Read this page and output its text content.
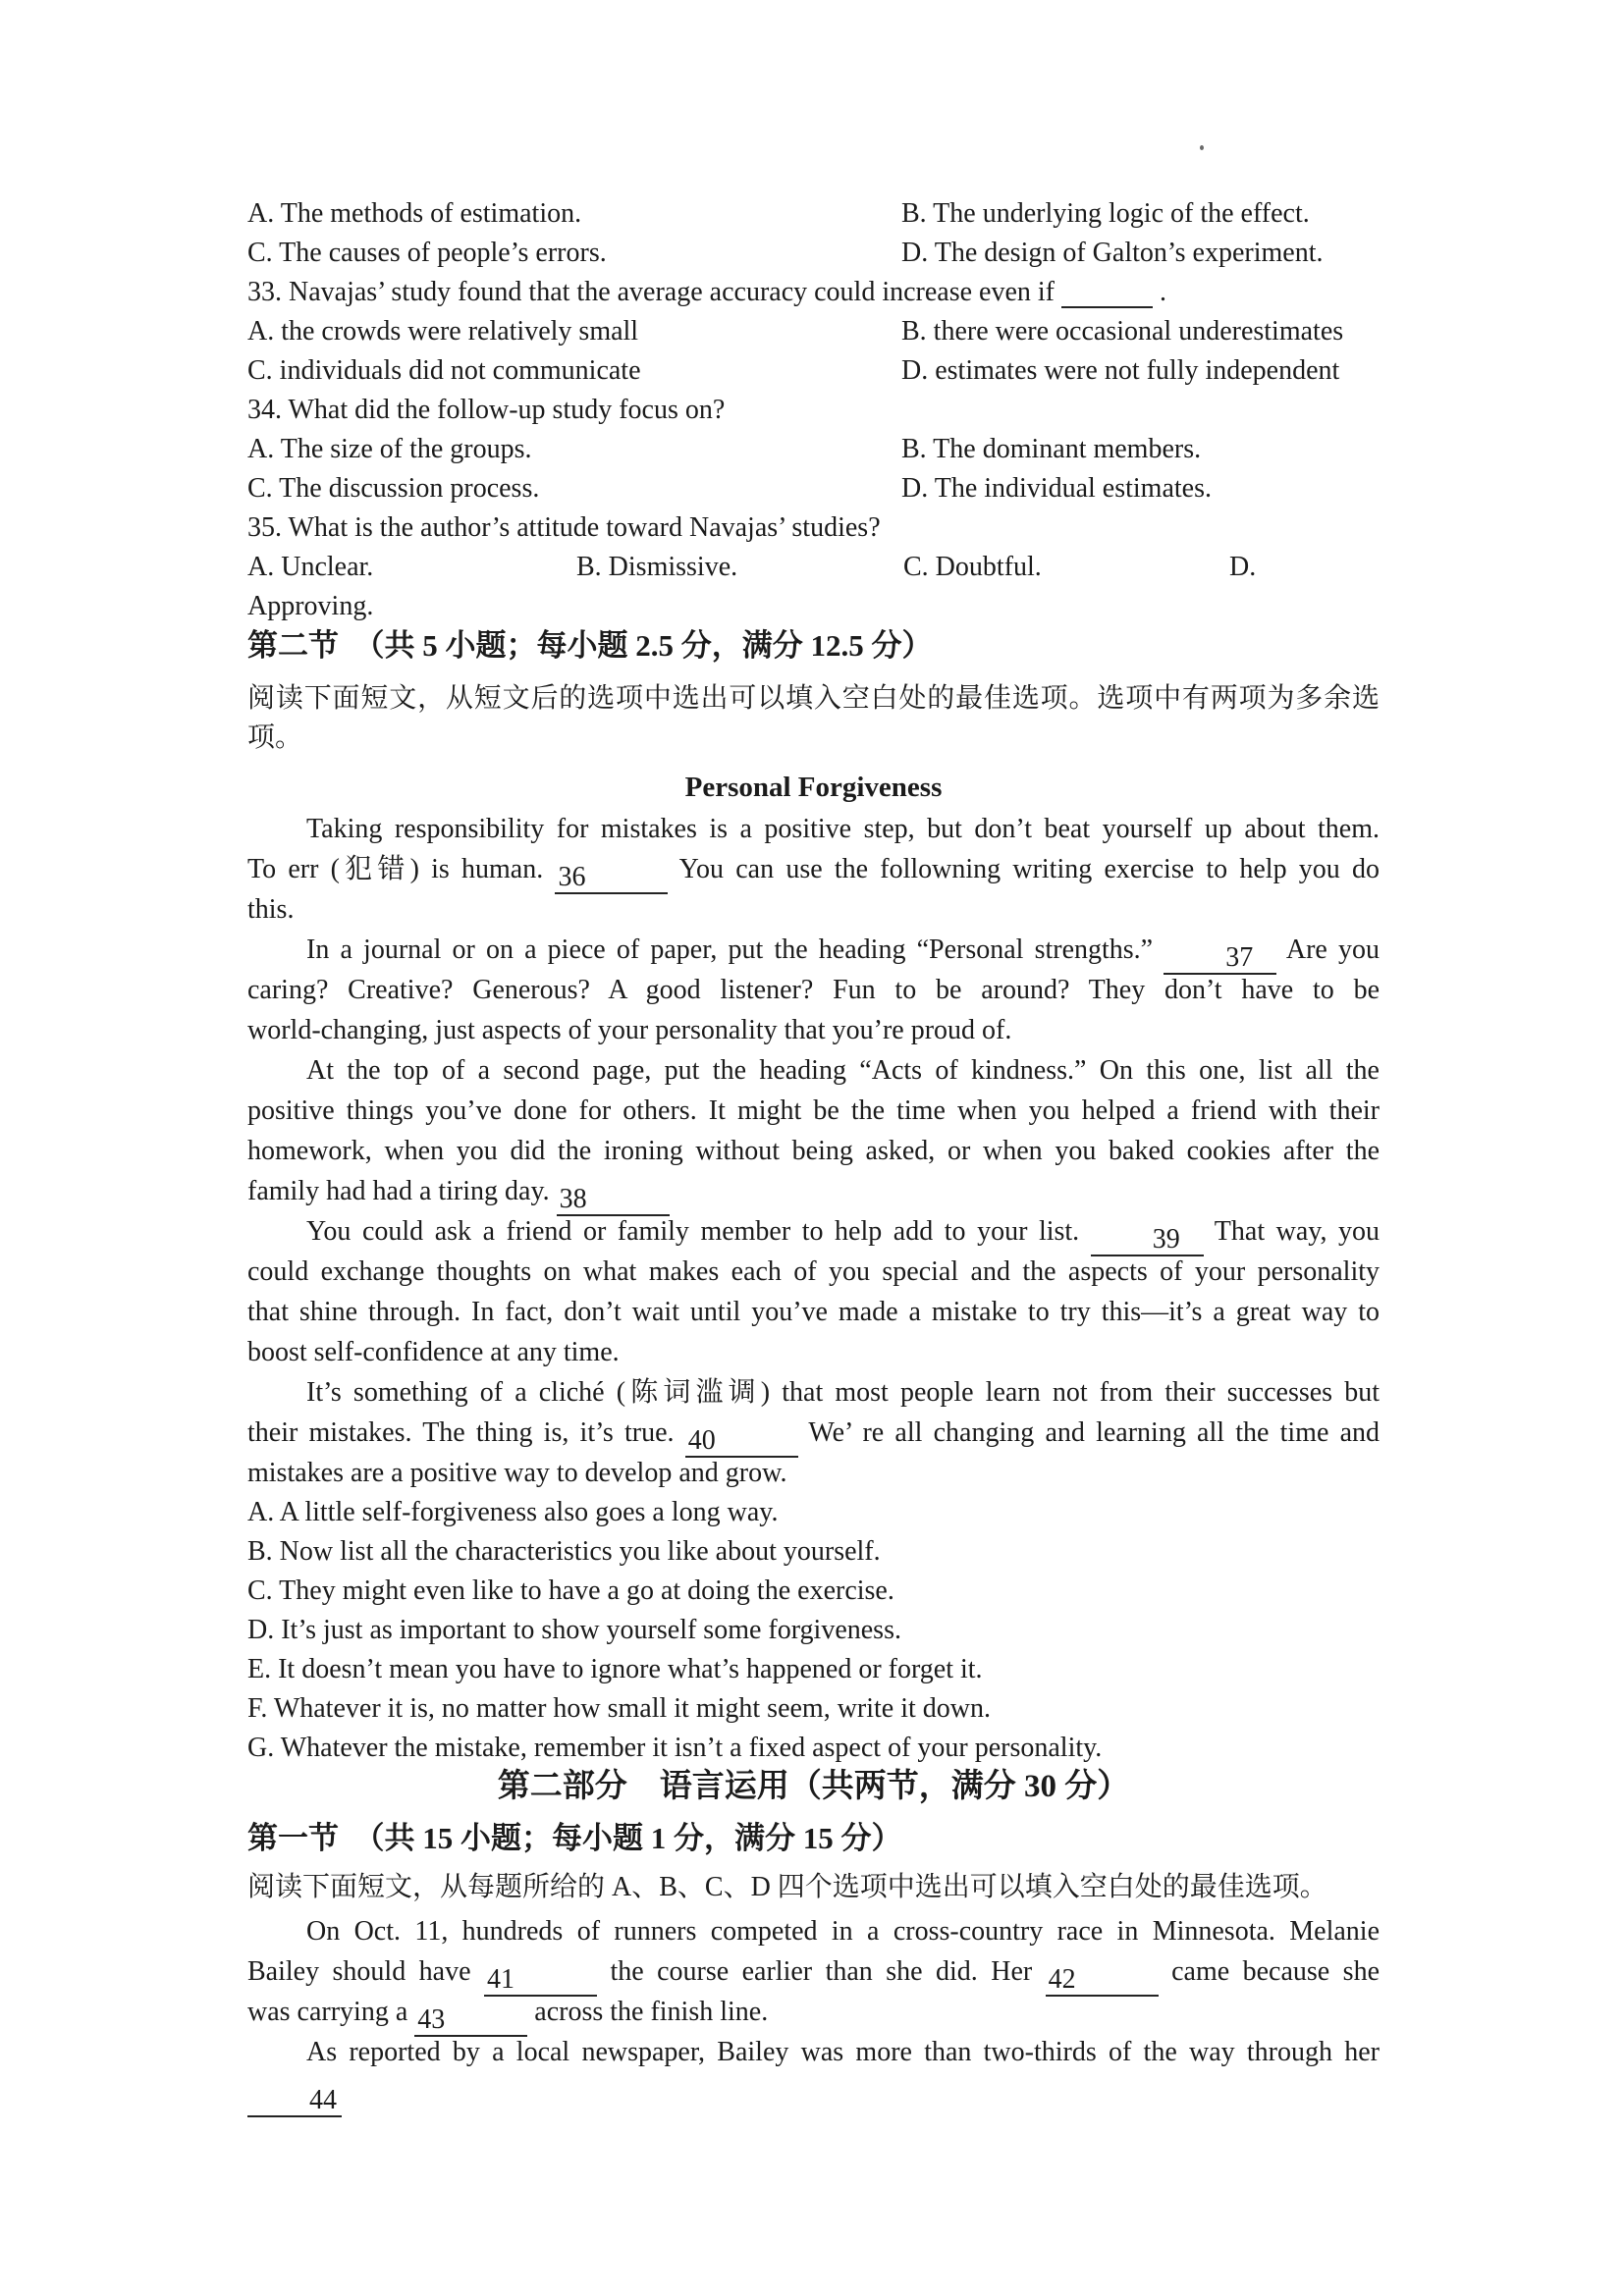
A. The methods of estimation.	B. The underlying logic of the effect.
C. The causes of people’s errors.	D. The design of Galton’s experiment.
33. Navajas’ study found that the average accuracy could increase even if	.
A. the crowds were relatively small	B. there were occasional underestimates
C. individuals did not communicate	D. estimates were not fully independent
34. What did the follow-up study focus on?
A. The size of the groups.	B. The dominant members.
C. The discussion process.	D. The individual estimates.
35. What is the author’s attitude toward Navajas’ studies?
A. Unclear.	B. Dismissive.	C. Doubtful.	D.
Approving.
第二节　（共 5 小题；每小题 2.5 分，满分 12.5 分）
阅读下面短文，从短文后的选项中选出可以填入空白处的最佳选项。选项中有两项为多余选
项。
Personal Forgiveness
Taking responsibility for mistakes is a positive step, but don’t beat yourself up about them.
To err (犯错) is human. 36	You can use the followning writing exercise to help you do
this.
In a journal or on a piece of paper, put the heading “Personal strengths.”	37 Are you
caring? Creative? Generous? A good listener? Fun to be around? They don’t have to be
world-changing, just aspects of your personality that you’re proud of.
At the top of a second page, put the heading “Acts of kindness.” On this one, list all the
positive things you’ve done for others. It might be the time when you helped a friend with their
homework, when you did the ironing without being asked, or when you baked cookies after the
family had had a tiring day. 38
You could ask a friend or family member to help add to your list.	39 That way, you
could exchange thoughts on what makes each of you special and the aspects of your personality
that shine through. In fact, don’t wait until you’ve made a mistake to try this—it’s a great way to
boost self-confidence at any time.
It’s something of a cliché (陈词滥调) that most people learn not from their successes but
their mistakes. The thing is, it’s true. 40	We’ re all changing and learning all the time and
mistakes are a positive way to develop and grow.
A. A little self-forgiveness also goes a long way.
B. Now list all the characteristics you like about yourself.
C. They might even like to have a go at doing the exercise.
D. It’s just as important to show yourself some forgiveness.
E. It doesn’t mean you have to ignore what’s happened or forget it.
F. Whatever it is, no matter how small it might seem, write it down.
G. Whatever the mistake, remember it isn’t a fixed aspect of your personality.
第二部分　语言运用（共两节，满分 30 分）
第一节　（共 15 小题；每小题 1 分，满分 15 分）
阅读下面短文，从每题所给的 A、B、C、D 四个选项中选出可以填入空白处的最佳选项。
On Oct. 11, hundreds of runners competed in a cross-country race in Minnesota. Melanie
Bailey should have 41	the course earlier than she did. Her 42	came because she
was carrying a 43	across the finish line.
As reported by a local newspaper, Bailey was more than two-thirds of the way through her 44
